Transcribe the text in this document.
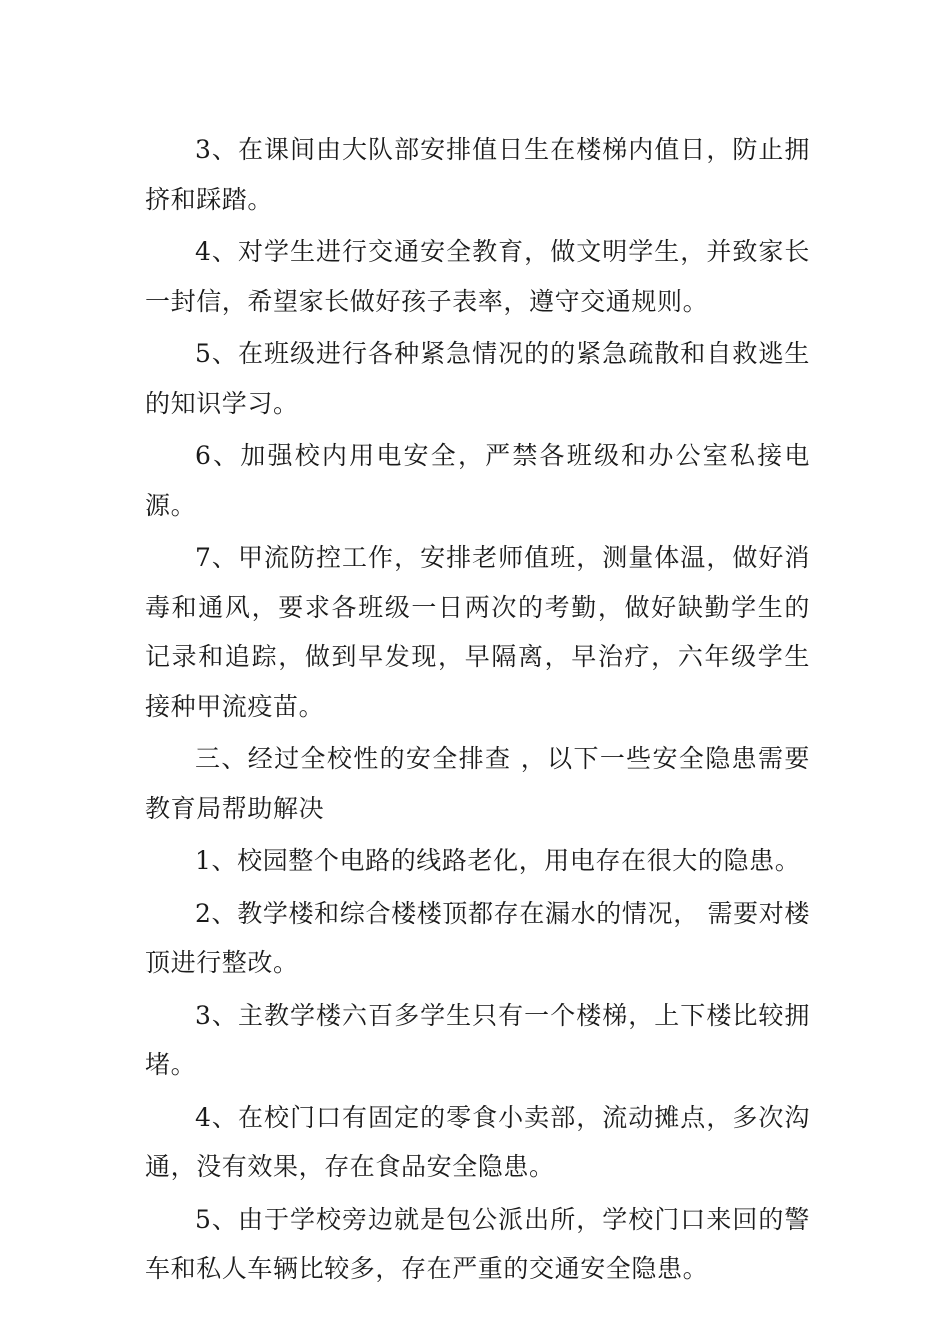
3、在课间由大队部安排值日生在楼梯内值日，防止拥挤和踩踏。

4、对学生进行交通安全教育，做文明学生，并致家长一封信，希望家长做好孩子表率，遵守交通规则。

5、在班级进行各种紧急情况的的紧急疏散和自救逃生的知识学习。

6、加强校内用电安全，严禁各班级和办公室私接电源。

7、甲流防控工作，安排老师值班，测量体温，做好消毒和通风，要求各班级一日两次的考勤，做好缺勤学生的记录和追踪，做到早发现，早隔离，早治疗，六年级学生接种甲流疫苗。

三、经过全校性的安全排查 ，以下一些安全隐患需要教育局帮助解决

1、校园整个电路的线路老化，用电存在很大的隐患。

2、教学楼和综合楼楼顶都存在漏水的情况， 需要对楼顶进行整改。

3、主教学楼六百多学生只有一个楼梯，上下楼比较拥堵。

4、在校门口有固定的零食小卖部，流动摊点，多次沟通，没有效果，存在食品安全隐患。

5、由于学校旁边就是包公派出所，学校门口来回的警车和私人车辆比较多，存在严重的交通安全隐患。
